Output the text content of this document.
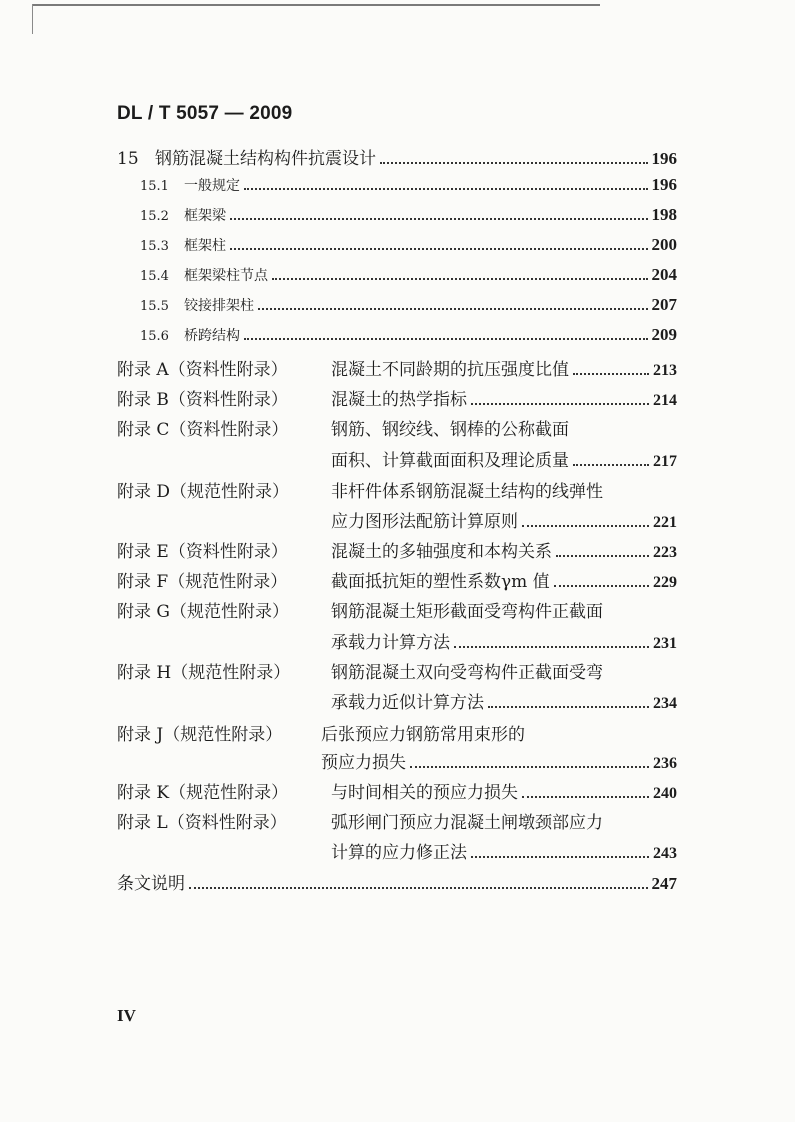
DL / T 5057 — 2009
15 钢筋混凝土结构构件抗震设计	196
15.1	一般规定	196
15.2	框架梁	198
15.3	框架柱	200
15.4	框架梁柱节点	204
15.5	铰接排架柱	207
15.6	桥跨结构	209
附录 A（资料性附录）	混凝土不同龄期的抗压强度比值	213
附录 B（资料性附录）	混凝土的热学指标	214
附录 C（资料性附录）	钢筋、钢绞线、钢棒的公称截面
面积、计算截面面积及理论质量	217
附录 D（规范性附录）	非杆件体系钢筋混凝土结构的线弹性
应力图形法配筋计算原则	221
附录 E（资料性附录）	混凝土的多轴强度和本构关系	223
附录 F（规范性附录）	截面抵抗矩的塑性系数γm 值	229
附录 G（规范性附录）	钢筋混凝土矩形截面受弯构件正截面
承载力计算方法	231
附录 H（规范性附录）	钢筋混凝土双向受弯构件正截面受弯
承载力近似计算方法	234
附录 J（规范性附录）	后张预应力钢筋常用束形的
预应力损失	236
附录 K（规范性附录）	与时间相关的预应力损失	240
附录 L（资料性附录）	弧形闸门预应力混凝土闸墩颈部应力
计算的应力修正法	243
条文说明	247
IV
